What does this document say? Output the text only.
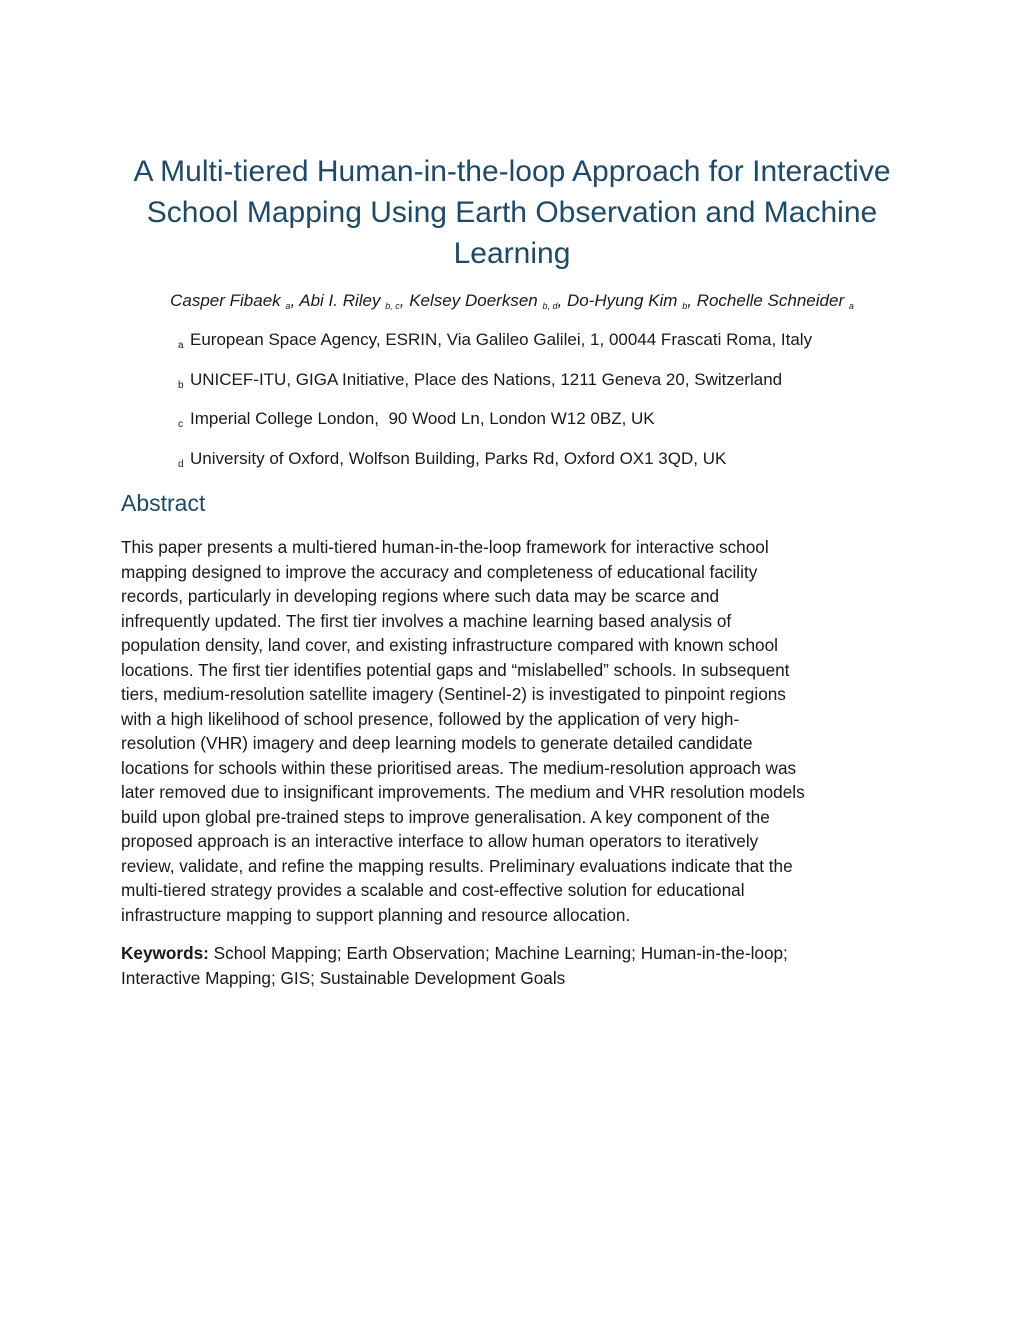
A Multi-tiered Human-in-the-loop Approach for Interactive School Mapping Using Earth Observation and Machine Learning
Casper Fibaek $_a$, Abi I. Riley $_{b, c}$, Kelsey Doerksen $_{b, d}$, Do-Hyung Kim $_b$, Rochelle Schneider $_a$
a European Space Agency, ESRIN, Via Galileo Galilei, 1, 00044 Frascati Roma, Italy
b UNICEF-ITU, GIGA Initiative, Place des Nations, 1211 Geneva 20, Switzerland
c Imperial College London,  90 Wood Ln, London W12 0BZ, UK
d University of Oxford, Wolfson Building, Parks Rd, Oxford OX1 3QD, UK
Abstract

This paper presents a multi-tiered human-in-the-loop framework for interactive school
mapping designed to improve the accuracy and completeness of educational facility
records, particularly in developing regions where such data may be scarce and
infrequently updated. The first tier involves a machine learning based analysis of
population density, land cover, and existing infrastructure compared with known school
locations. The first tier identifies potential gaps and “mislabelled” schools. In subsequent
tiers, medium-resolution satellite imagery (Sentinel-2) is investigated to pinpoint regions
with a high likelihood of school presence, followed by the application of very high-
resolution (VHR) imagery and deep learning models to generate detailed candidate
locations for schools within these prioritised areas. The medium-resolution approach was
later removed due to insignificant improvements. The medium and VHR resolution models
build upon global pre-trained steps to improve generalisation. A key component of the
proposed approach is an interactive interface to allow human operators to iteratively
review, validate, and refine the mapping results. Preliminary evaluations indicate that the
multi-tiered strategy provides a scalable and cost-effective solution for educational
infrastructure mapping to support planning and resource allocation.

Keywords: School Mapping; Earth Observation; Machine Learning; Human-in-the-loop;
Interactive Mapping; GIS; Sustainable Development Goals
